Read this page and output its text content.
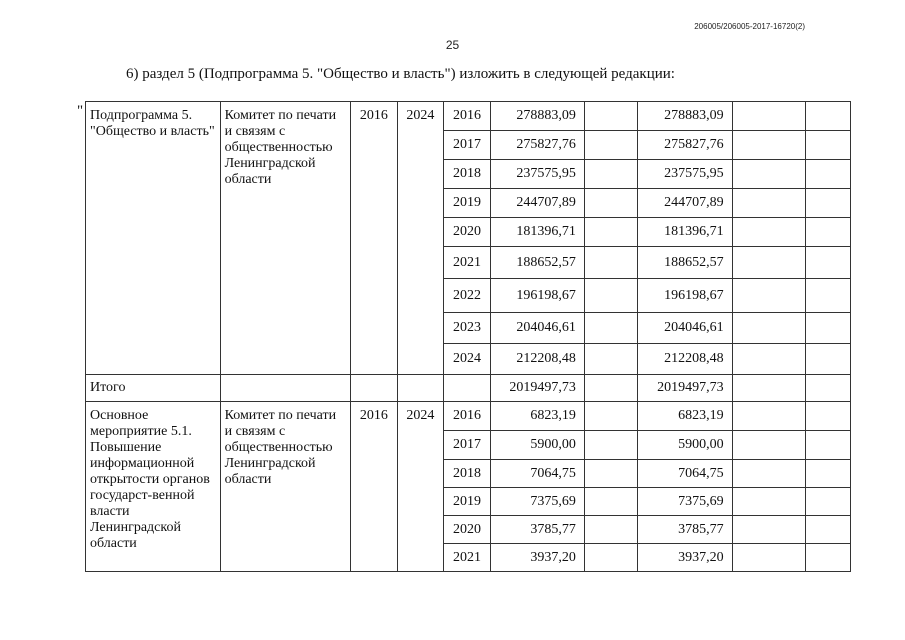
206005/206005-2017-16720(2)
25
6) раздел 5 (Подпрограмма 5. "Общество и власть") изложить в следующей редакции:
" Подпрограмма 5. "Общество и власть"	Комитет по печати и связям с общественностью Ленинградской области	2016	2024	2016	278883,09		278883,09		
				2017	275827,76		275827,76		
				2018	237575,95		237575,95		
				2019	244707,89		244707,89		
				2020	181396,71		181396,71		
				2021	188652,57		188652,57		
				2022	196198,67		196198,67		
				2023	204046,61		204046,61		
				2024	212208,48		212208,48		
Итого					2019497,73		2019497,73		
Основное мероприятие 5.1. Повышение информационной открытости органов государст-венной власти Ленинградской области	Комитет по печати и связям с общественностью Ленинградской области	2016	2024	2016	6823,19		6823,19		
				2017	5900,00		5900,00		
				2018	7064,75		7064,75		
				2019	7375,69		7375,69		
				2020	3785,77		3785,77		
				2021	3937,20		3937,20		
